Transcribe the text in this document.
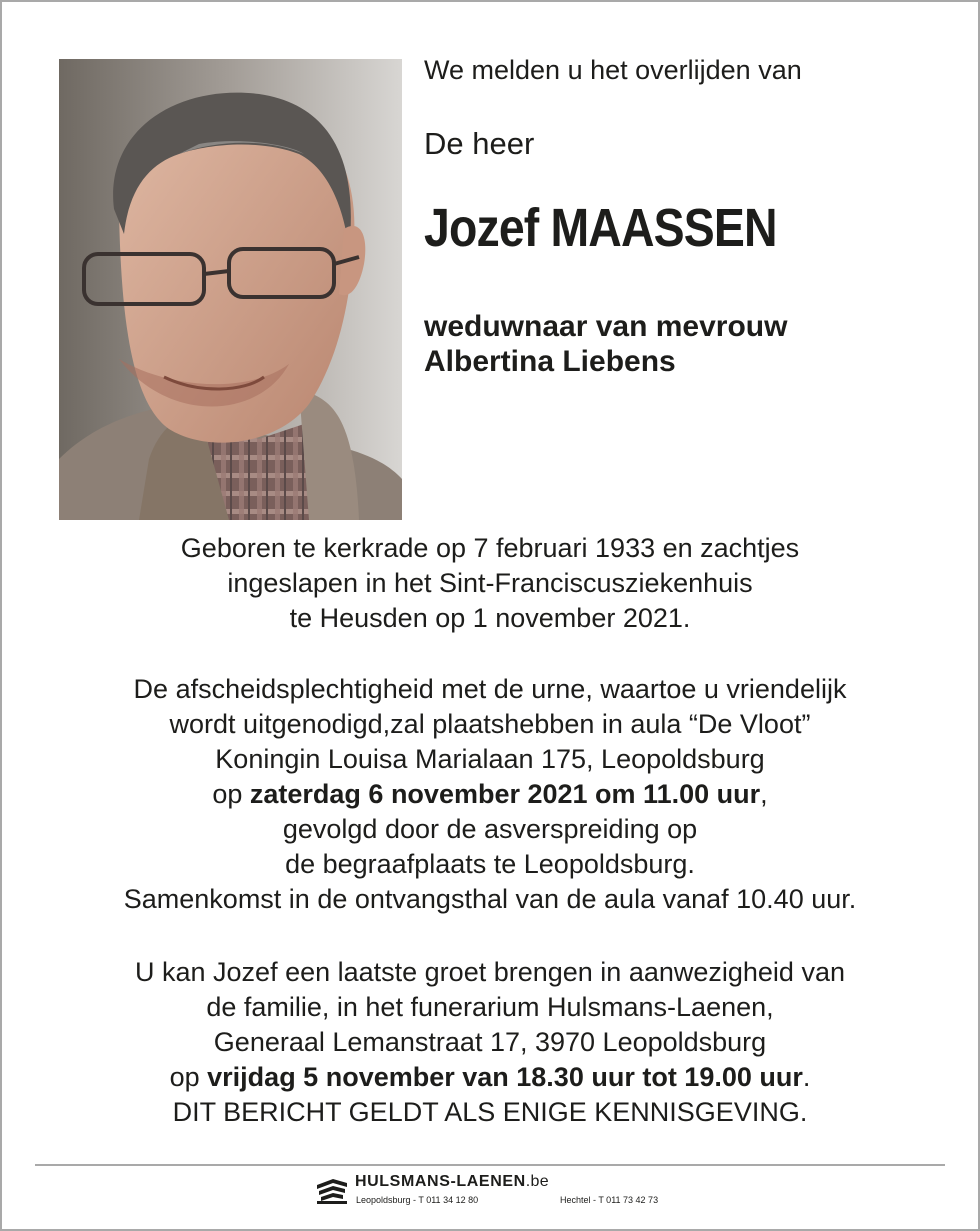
We melden u het overlijden van
De heer
Jozef MAASSEN
weduwnaar van mevrouw
Albertina Liebens
Geboren te kerkrade op 7 februari 1933 en zachtjes
ingeslapen in het Sint-Franciscusziekenhuis
te Heusden op 1 november 2021.
De afscheidsplechtigheid met de urne, waartoe u vriendelijk
wordt uitgenodigd,zal plaatshebben in aula “De Vloot”
Koningin Louisa Marialaan 175, Leopoldsburg
op zaterdag 6 november 2021 om 11.00 uur,
gevolgd door de asverspreiding op
de begraafplaats te Leopoldsburg.
Samenkomst in de ontvangsthal van de aula vanaf 10.40 uur.
U kan Jozef een laatste groet brengen in aanwezigheid van
de familie, in het funerarium Hulsmans-Laenen,
Generaal Lemanstraat 17, 3970 Leopoldsburg
op vrijdag 5 november van 18.30 uur tot 19.00 uur.
DIT BERICHT GELDT ALS ENIGE KENNISGEVING.
HULSMANS-LAENEN.be
Leopoldsburg - T 011 34 12 80	Hechtel - T 011 73 42 73
